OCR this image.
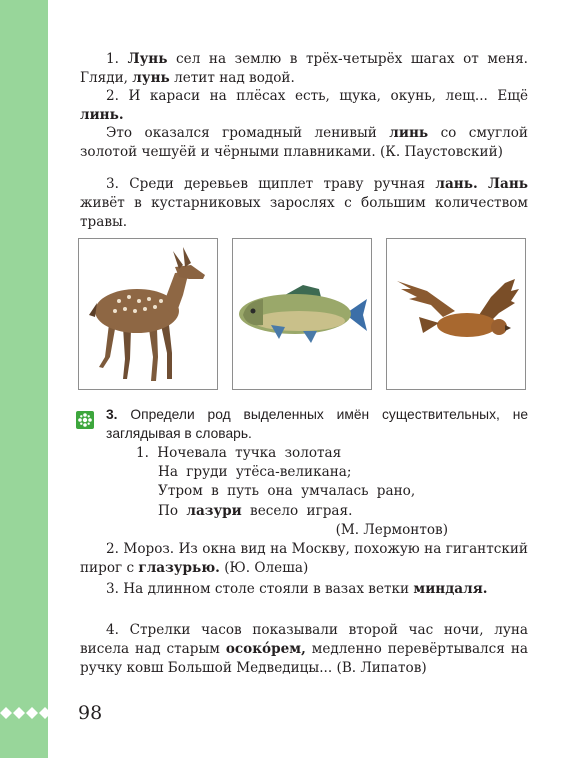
1. Лунь сел на землю в трёх-четырёх шагах от меня. Гляди, лунь летит над водой.

2. И караси на плёсах есть, щука, окунь, лещ... Ещё линь.

Это оказался громадный ленивый линь со смуглой золотой чешуёй и чёрными плавниками. (К. Паустовский)

3. Среди деревьев щиплет траву ручная лань. Лань живёт в кустарниковых зарослях с большим количеством травы.

3. Определи род выделенных имён существительных, не заглядывая в словарь.

1. Ночевала тучка золотая
На груди утёса-великана;
Утром в путь она умчалась рано,
По лазури весело играя.
(М. Лермонтов)

2. Мороз. Из окна вид на Москву, похожую на гигантский пирог с глазурью. (Ю. Олеша)

3. На длинном столе стояли в вазах ветки миндаля.

4. Стрелки часов показывали второй час ночи, луна висела над старым осокóрем, медленно перевёртывался на ручку ковш Большой Медведицы... (В. Липатов)

98
